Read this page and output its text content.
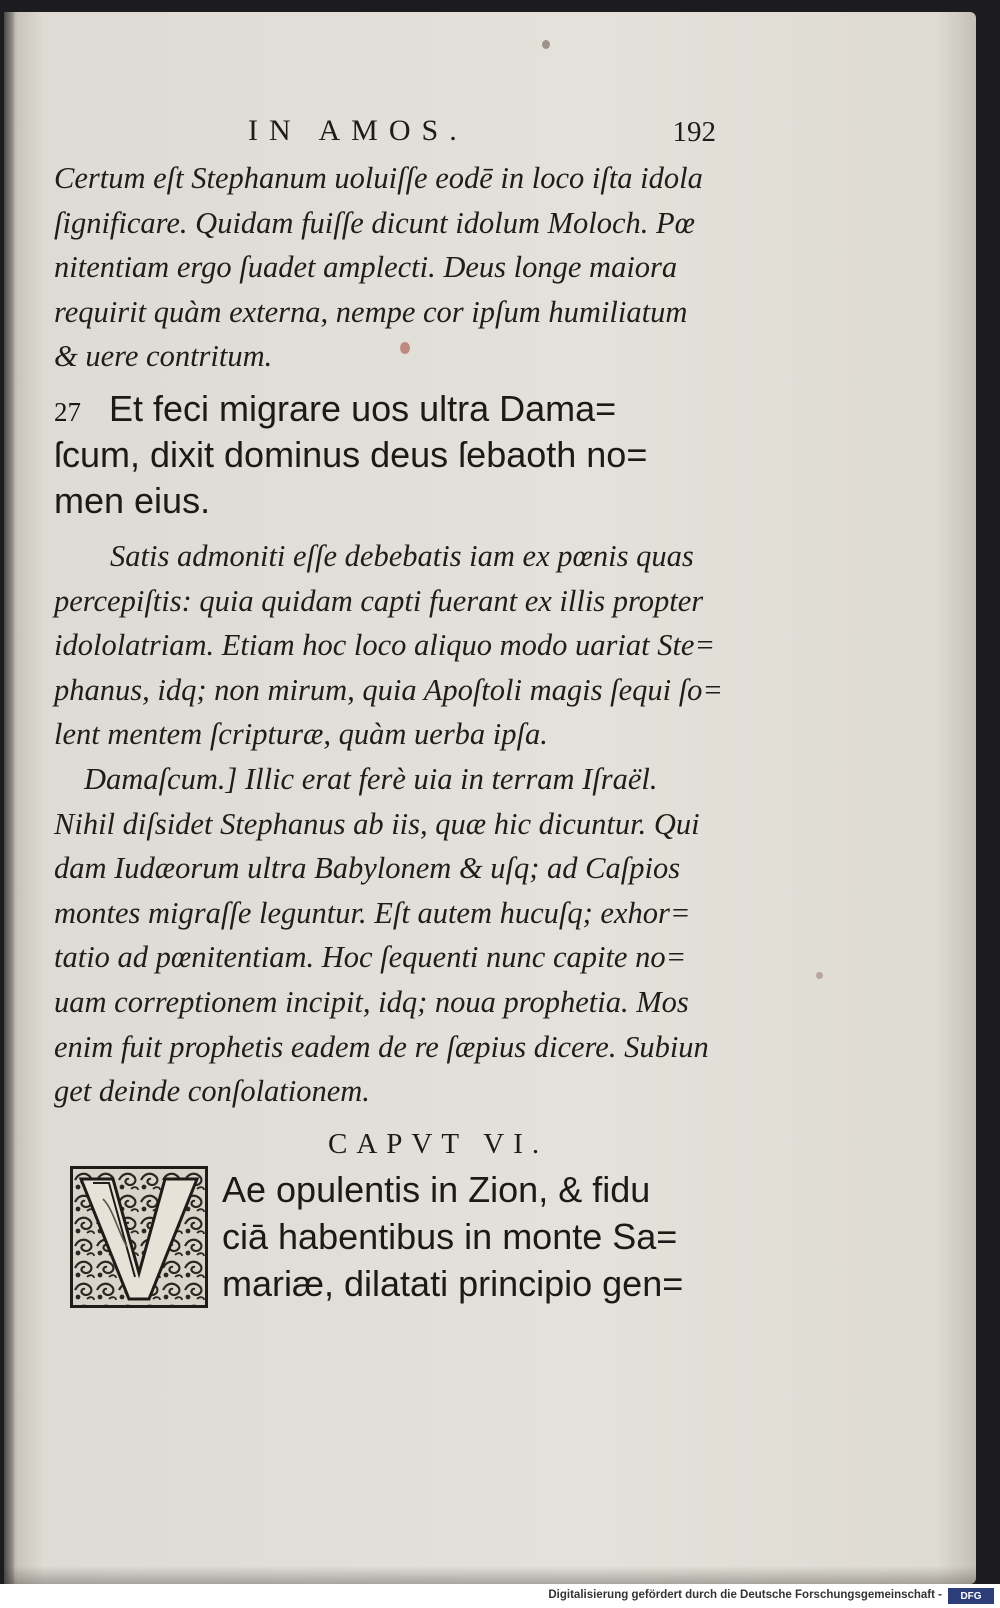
IN AMOS.	192
Certum eſt Stephanum uoluiſſe eodē in loco iſta idola
ſignificare. Quidam fuiſſe dicunt idolum Moloch. Pœ
nitentiam ergo ſuadet amplecti. Deus longe maiora
requirit quàm externa, nempe cor ipſum humiliatum
& uere contritum.
27 Et feci migrare uos ultra Dama=
ſcum, dixit dominus deus ſebaoth no=
men eius.
Satis admoniti eſſe debebatis iam ex pœnis quas
percepiſtis: quia quidam capti fuerant ex illis propter
idololatriam. Etiam hoc loco aliquo modo uariat Ste=
phanus, idq; non mirum, quia Apoſtoli magis ſequi ſo=
lent mentem ſcripturæ, quàm uerba ipſa.
Damaſcum.] Illic erat ferè uia in terram Iſraël.
Nihil diſsidet Stephanus ab iis, quæ hic dicuntur. Qui
dam Iudæorum ultra Babylonem & uſq; ad Caſpios
montes migraſſe leguntur. Eſt autem hucuſq; exhor=
tatio ad pœnitentiam. Hoc ſequenti nunc capite no=
uam correptionem incipit, idq; noua prophetia. Mos
enim fuit prophetis eadem de re ſæpius dicere. Subiun
get deinde conſolationem.
CAPVT VI.
Ae opulentis in Zion, & fidu
ciā habentibus in monte Sa=
mariæ, dilatati principio gen=
Digitalisierung gefördert durch die Deutsche Forschungsgemeinschaft -	DFG
